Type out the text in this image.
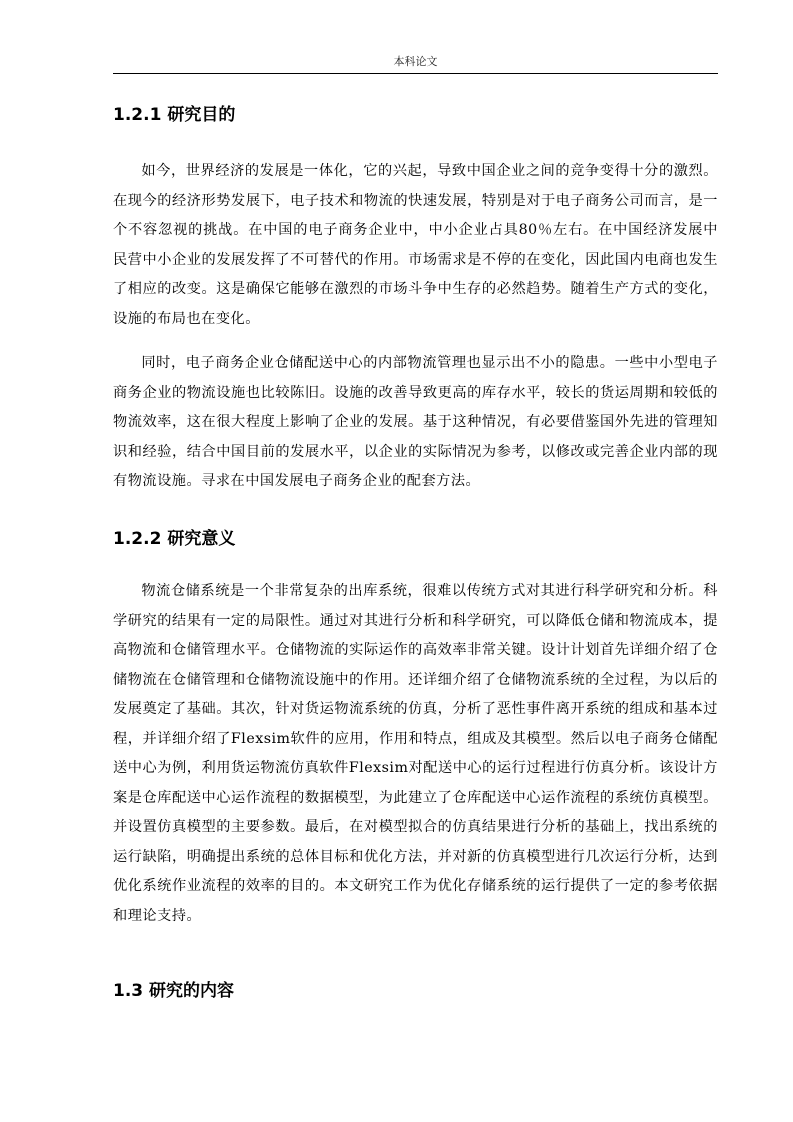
本科论文
1.2.1 研究目的

如今，世界经济的发展是一体化，它的兴起，导致中国企业之间的竞争变得十分的激烈。在现今的经济形势发展下，电子技术和物流的快速发展，特别是对于电子商务公司而言，是一个不容忽视的挑战。在中国的电子商务企业中，中小企业占具80％左右。在中国经济发展中民营中小企业的发展发挥了不可替代的作用。市场需求是不停的在变化，因此国内电商也发生了相应的改变。这是确保它能够在激烈的市场斗争中生存的必然趋势。随着生产方式的变化，设施的布局也在变化。

同时，电子商务企业仓储配送中心的内部物流管理也显示出不小的隐患。一些中小型电子商务企业的物流设施也比较陈旧。设施的改善导致更高的库存水平，较长的货运周期和较低的物流效率，这在很大程度上影响了企业的发展。基于这种情况，有必要借鉴国外先进的管理知识和经验，结合中国目前的发展水平，以企业的实际情况为参考，以修改或完善企业内部的现有物流设施。寻求在中国发展电子商务企业的配套方法。

1.2.2 研究意义

物流仓储系统是一个非常复杂的出库系统，很难以传统方式对其进行科学研究和分析。科学研究的结果有一定的局限性。通过对其进行分析和科学研究，可以降低仓储和物流成本，提高物流和仓储管理水平。仓储物流的实际运作的高效率非常关键。设计计划首先详细介绍了仓储物流在仓储管理和仓储物流设施中的作用。还详细介绍了仓储物流系统的全过程，为以后的发展奠定了基础。其次，针对货运物流系统的仿真，分析了恶性事件离开系统的组成和基本过程，并详细介绍了Flexsim软件的应用，作用和特点，组成及其模型。然后以电子商务仓储配送中心为例，利用货运物流仿真软件Flexsim对配送中心的运行过程进行仿真分析。该设计方案是仓库配送中心运作流程的数据模型，为此建立了仓库配送中心运作流程的系统仿真模型。并设置仿真模型的主要参数。最后，在对模型拟合的仿真结果进行分析的基础上，找出系统的运行缺陷，明确提出系统的总体目标和优化方法，并对新的仿真模型进行几次运行分析，达到优化系统作业流程的效率的目的。本文研究工作为优化存储系统的运行提供了一定的参考依据和理论支持。

1.3 研究的内容
